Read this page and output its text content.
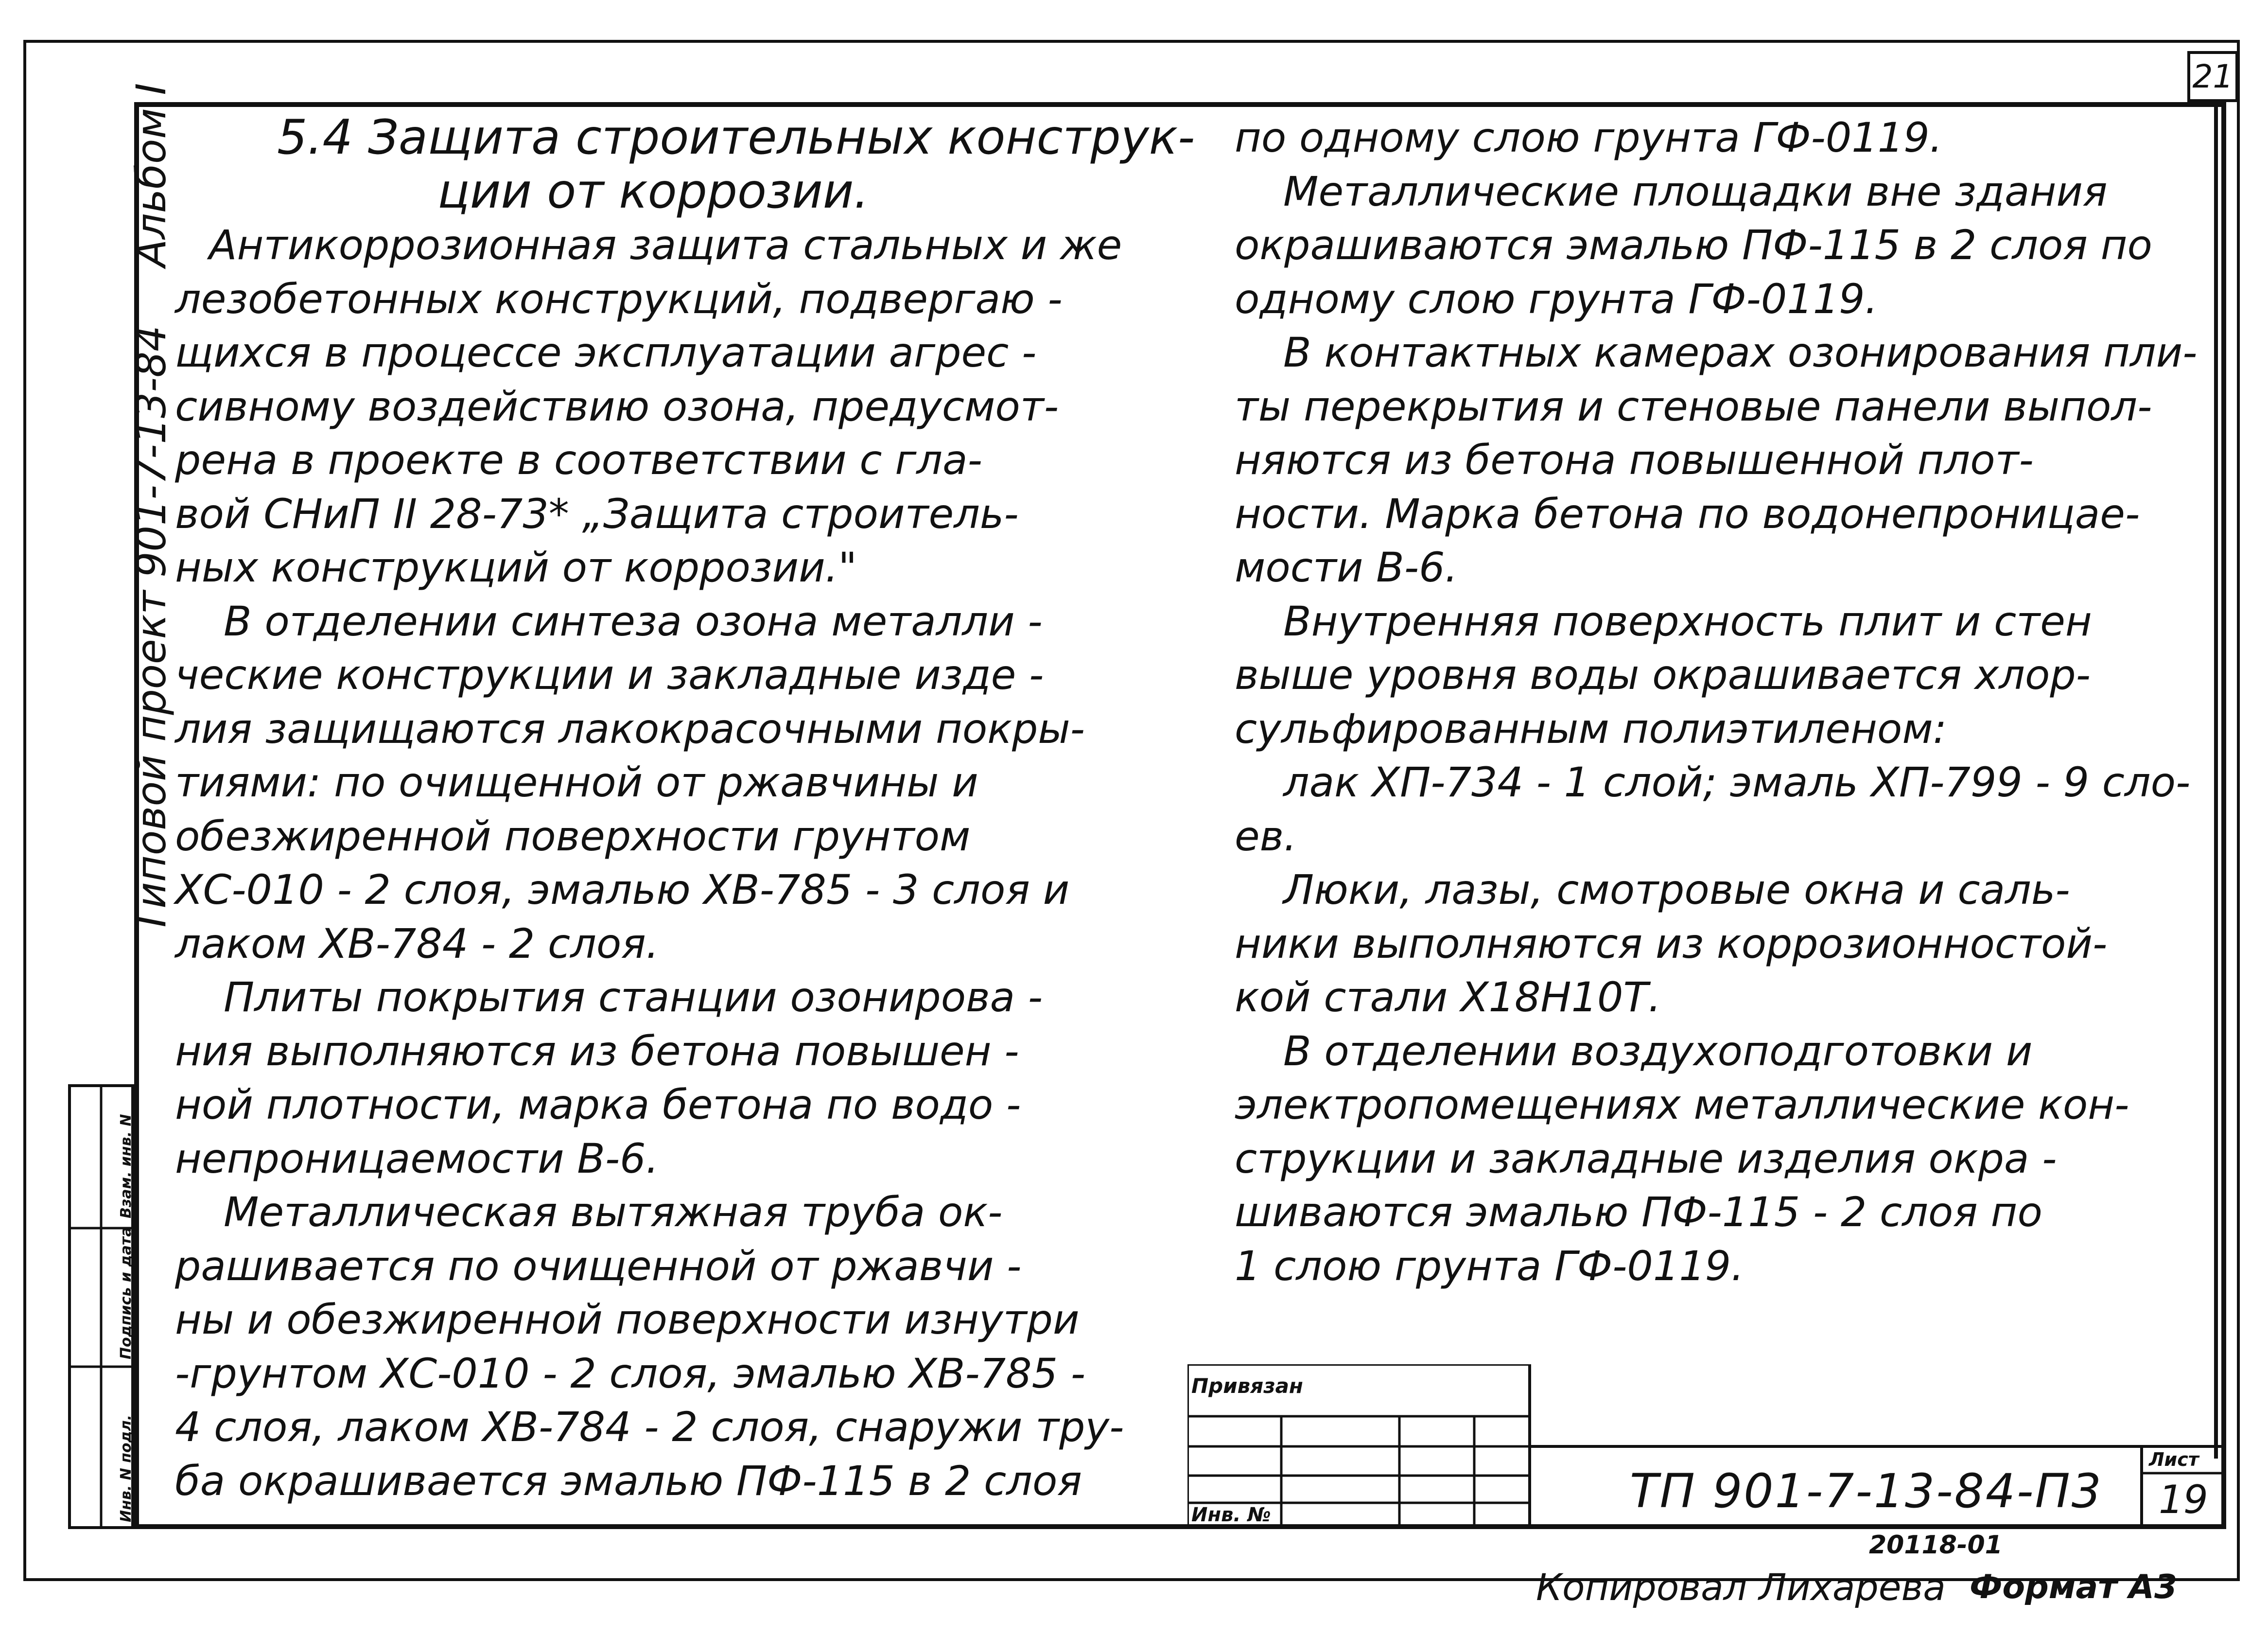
21
Типовой проект 901-7-13-84
Альбом I
Инв. N подл.
Подпись и дата
Взам. инв. N
5.4 Защита строительных конструк-
ции от коррозии.
Антикоррозионная защита стальных и же
лезобетонных конструкций, подвергаю -
щихся в процессе эксплуатации агрес -
сивному воздействию озона, предусмот-
рена в проекте в соответствии с гла-
вой СНиП II 28-73* „Защита строитель-
ных конструкций от коррозии."
В отделении синтеза озона металли -
ческие конструкции и закладные изде -
лия защищаются лакокрасочными покры-
тиями: по очищенной от ржавчины и
обезжиренной поверхности грунтом
ХС-010 - 2 слоя, эмалью ХВ-785 - 3 слоя и
лаком ХВ-784 - 2 слоя.
Плиты покрытия станции озонирова -
ния выполняются из бетона повышен -
ной плотности, марка бетона по водо -
непроницаемости В-6.
Металлическая вытяжная труба ок-
рашивается по очищенной от ржавчи -
ны и обезжиренной поверхности изнутри
-грунтом ХС-010 - 2 слоя, эмалью ХВ-785 -
4 слоя, лаком ХВ-784 - 2 слоя, снаружи тру-
ба окрашивается эмалью ПФ-115 в 2 слоя
по одному слою грунта ГФ-0119.
Металлические площадки вне здания
окрашиваются эмалью ПФ-115 в 2 слоя по
одному слою грунта ГФ-0119.
В контактных камерах озонирования пли-
ты перекрытия и стеновые панели выпол-
няются из бетона повышенной плот-
ности. Марка бетона по водонепроницае-
мости В-6.
Внутренняя поверхность плит и стен
выше уровня воды окрашивается хлор-
сульфированным полиэтиленом:
лак ХП-734 - 1 слой; эмаль ХП-799 - 9 сло-
ев.
Люки, лазы, смотровые окна и саль-
ники выполняются из коррозионностой-
кой стали Х18Н10Т.
В отделении воздухоподготовки и
электропомещениях металлические кон-
струкции и закладные изделия окра -
шиваются эмалью ПФ-115 - 2 слоя по
1 слою грунта ГФ-0119.
Привязан
Инв. №	ТП 901-7-13-84-П3
Лист
19
20118-01
Копировал Лихарева Формат А3
